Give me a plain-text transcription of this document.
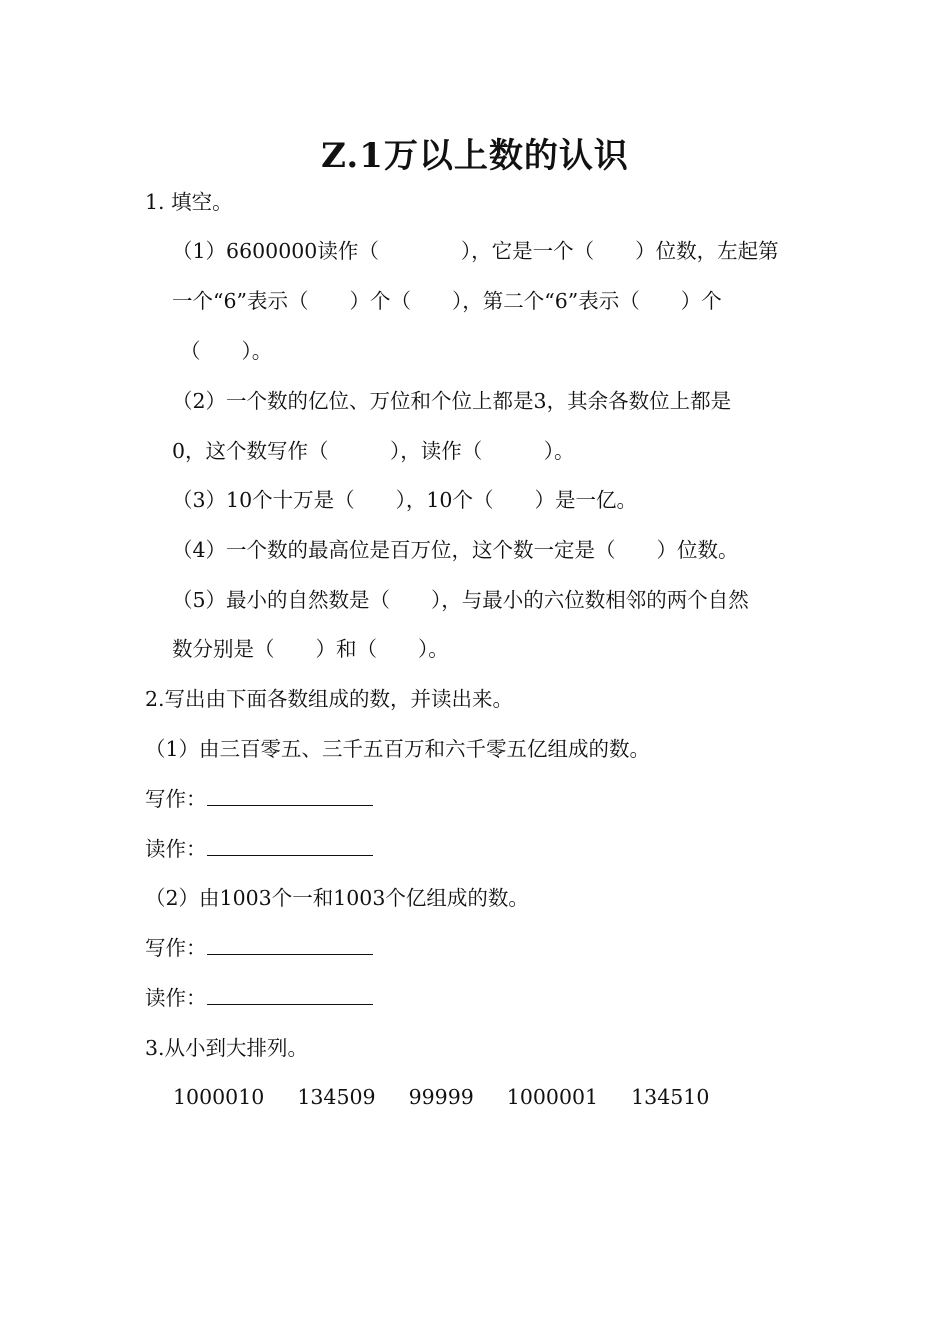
Z.1万以上数的认识
1. 填空。
（1）6600000读作（　　　　），它是一个（　　）位数，左起第
一个“6”表示（　　）个（　　），第二个“6”表示（　　）个
（　　）。
（2）一个数的亿位、万位和个位上都是3，其余各数位上都是
0，这个数写作（　　　），读作（　　　）。
（3）10个十万是（　　），10个（　　）是一亿。
（4）一个数的最高位是百万位，这个数一定是（　　）位数。
（5）最小的自然数是（　　），与最小的六位数相邻的两个自然
数分别是（　　）和（　　）。
2.写出由下面各数组成的数，并读出来。
（1）由三百零五、三千五百万和六千零五亿组成的数。
写作：
读作：
（2）由1003个一和1003个亿组成的数。
写作：
读作：
3.从小到大排列。
1000010 134509 99999 1000001 134510
